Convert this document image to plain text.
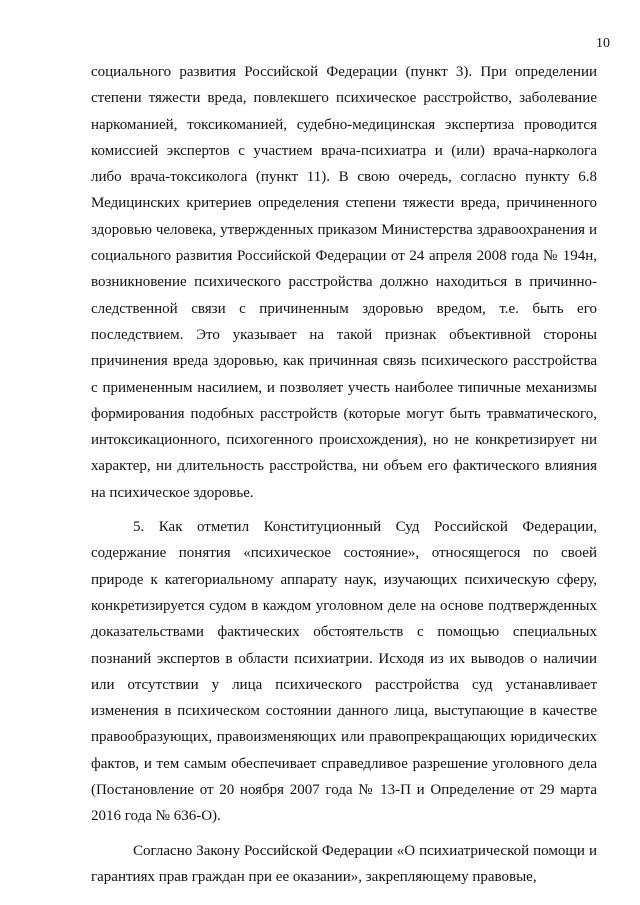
10

социального развития Российской Федерации (пункт 3). При определении степени тяжести вреда, повлекшего психическое расстройство, заболевание наркоманией, токсикоманией, судебно-медицинская экспертиза проводится комиссией экспертов с участием врача-психиатра и (или) врача-нарколога либо врача-токсиколога (пункт 11). В свою очередь, согласно пункту 6.8 Медицинских критериев определения степени тяжести вреда, причиненного здоровью человека, утвержденных приказом Министерства здравоохранения и социального развития Российской Федерации от 24 апреля 2008 года № 194н, возникновение психического расстройства должно находиться в причинно-следственной связи с причиненным здоровью вредом, т.е. быть его последствием. Это указывает на такой признак объективной стороны причинения вреда здоровью, как причинная связь психического расстройства с примененным насилием, и позволяет учесть наиболее типичные механизмы формирования подобных расстройств (которые могут быть травматического, интоксикационного, психогенного происхождения), но не конкретизирует ни характер, ни длительность расстройства, ни объем его фактического влияния на психическое здоровье.

5. Как отметил Конституционный Суд Российской Федерации, содержание понятия «психическое состояние», относящегося по своей природе к категориальному аппарату наук, изучающих психическую сферу, конкретизируется судом в каждом уголовном деле на основе подтвержденных доказательствами фактических обстоятельств с помощью специальных познаний экспертов в области психиатрии. Исходя из их выводов о наличии или отсутствии у лица психического расстройства суд устанавливает изменения в психическом состоянии данного лица, выступающие в качестве правообразующих, правоизменяющих или правопрекращающих юридических фактов, и тем самым обеспечивает справедливое разрешение уголовного дела (Постановление от 20 ноября 2007 года № 13-П и Определение от 29 марта 2016 года № 636-О).

Согласно Закону Российской Федерации «О психиатрической помощи и гарантиях прав граждан при ее оказании», закрепляющему правовые,
